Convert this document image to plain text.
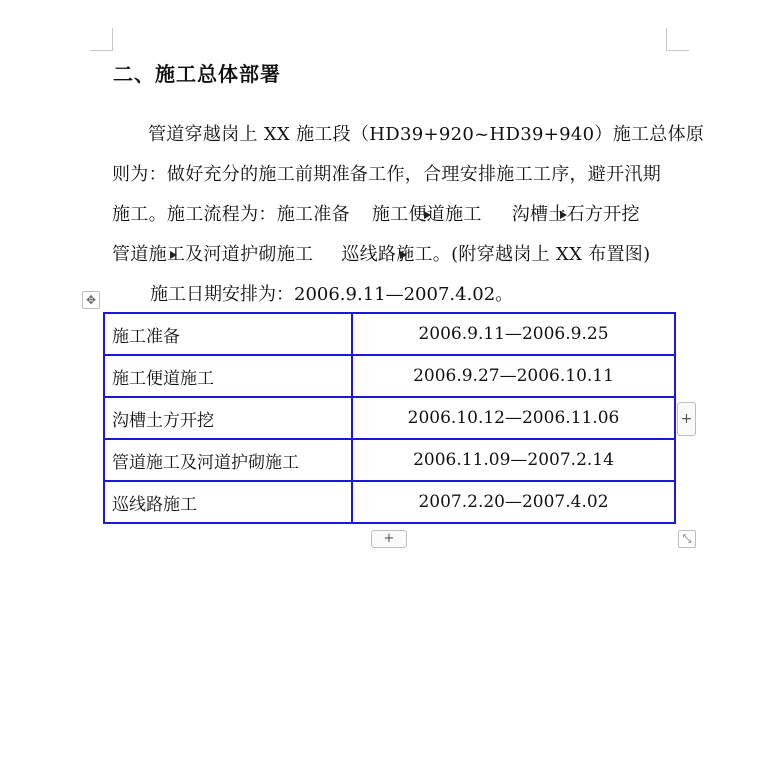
二、施工总体部署
管道穿越岗上 XX 施工段（HD39+920~HD39+940）施工总体原
则为：做好充分的施工前期准备工作，合理安排施工工序，避开汛期
施工。施工流程为：施工准备 施工便道施工 沟槽土石方开挖
管道施工及河道护砌施工 巡线路施工。(附穿越岗上 XX 布置图)
施工日期安排为：2006.9.11—2007.4.02。
✥
施工准备	2006.9.11—2006.9.25
施工便道施工	2006.9.27—2006.10.11
沟槽土方开挖	2006.10.12—2006.11.06
管道施工及河道护砌施工	2006.11.09—2007.2.14
巡线路施工	2007.2.20—2007.4.02
+
+	⤡
